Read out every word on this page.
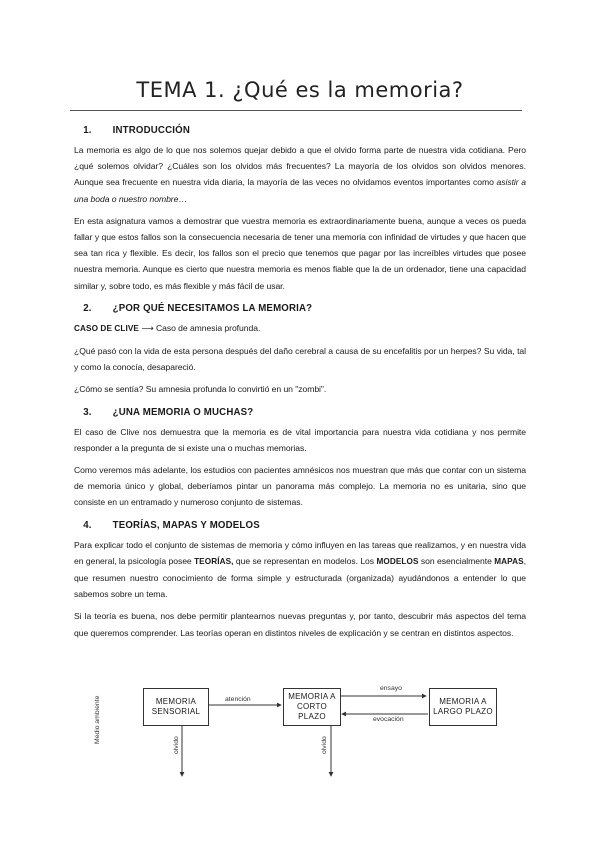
TEMA 1. ¿Qué es la memoria?
1.	INTRODUCCIÓN

La memoria es algo de lo que nos solemos quejar debido a que el olvido forma parte de nuestra vida cotidiana. Pero ¿qué solemos olvidar? ¿Cuáles son los olvidos más frecuentes? La mayoría de los olvidos son olvidos menores. Aunque sea frecuente en nuestra vida diaria, la mayoría de las veces no olvidamos eventos importantes como asistir a una boda o nuestro nombre…

En esta asignatura vamos a demostrar que vuestra memoria es extraordinariamente buena, aunque a veces os pueda fallar y que estos fallos son la consecuencia necesaria de tener una memoria con infinidad de virtudes y que hacen que sea tan rica y flexible. Es decir, los fallos son el precio que tenemos que pagar por las increíbles virtudes que posee nuestra memoria. Aunque es cierto que nuestra memoria es menos fiable que la de un ordenador, tiene una capacidad similar y, sobre todo, es más flexible y más fácil de usar.

2.	¿POR QUÉ NECESITAMOS LA MEMORIA?

CASO DE CLIVE ⟶ Caso de amnesia profunda.

¿Qué pasó con la vida de esta persona después del daño cerebral a causa de su encefalitis por un herpes? Su vida, tal y como la conocía, desapareció.

¿Cómo se sentía? Su amnesia profunda lo convirtió en un "zombi".

3.	¿UNA MEMORIA O MUCHAS?

El caso de Clive nos demuestra que la memoria es de vital importancia para nuestra vida cotidiana y nos permite responder a la pregunta de si existe una o muchas memorias.

Como veremos más adelante, los estudios con pacientes amnésicos nos muestran que más que contar con un sistema de memoria único y global, deberíamos pintar un panorama más complejo. La memoria no es unitaria, sino que consiste en un entramado y numeroso conjunto de sistemas.

4.	TEORÍAS, MAPAS Y MODELOS

Para explicar todo el conjunto de sistemas de memoria y cómo influyen en las tareas que realizamos, y en nuestra vida en general, la psicología posee TEORÍAS, que se representan en modelos. Los MODELOS son esencialmente MAPAS, que resumen nuestro conocimiento de forma simple y estructurada (organizada) ayudándonos a entender lo que sabemos sobre un tema.

Si la teoría es buena, nos debe permitir plantearnos nuevas preguntas y, por tanto, descubrir más aspectos del tema que queremos comprender. Las teorías operan en distintos niveles de explicación y se centran en distintos aspectos.

Medio ambiente	MEMORIA
SENSORIAL
MEMORIA A
CORTO PLAZO
MEMORIA A
LARGO PLAZO
atención
ensayo
evocación
olvido	olvido
